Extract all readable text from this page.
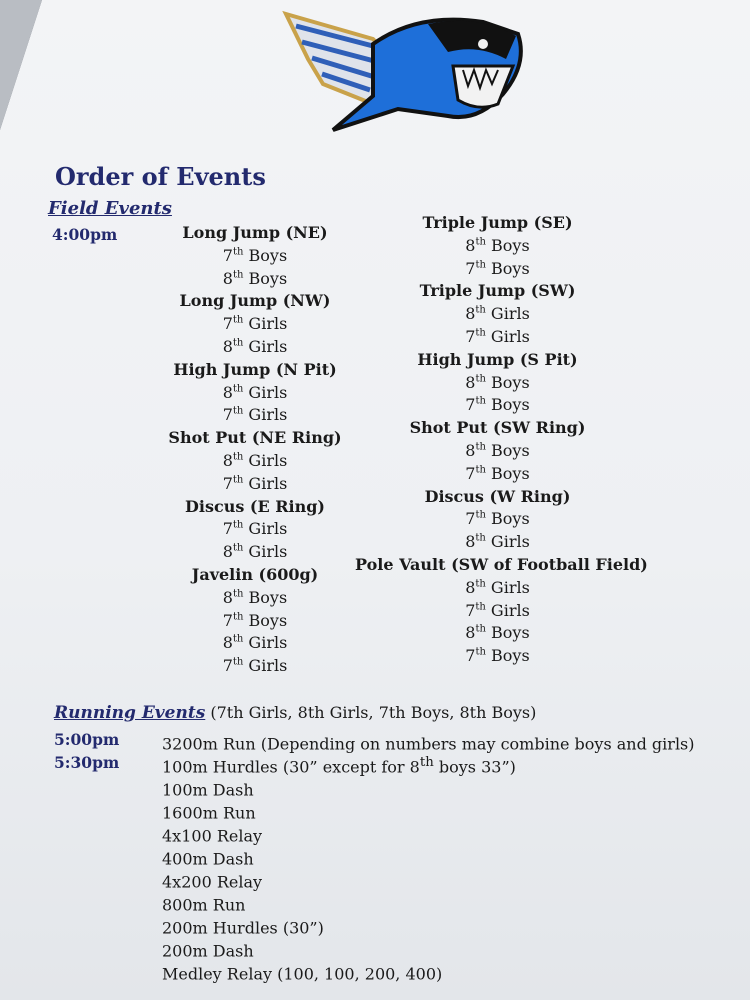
Order of Events
Field Events
4:00pm	Long Jump (NE)
7th Boys
8th Boys
Long Jump (NW)
7th Girls
8th Girls
High Jump (N Pit)
8th Girls
7th Girls
Shot Put (NE Ring)
8th Girls
7th Girls
Discus (E Ring)
7th Girls
8th Girls
Javelin (600g)
8th Boys
7th Boys
8th Girls
7th Girls
Triple Jump (SE)
8th Boys
7th Boys
Triple Jump (SW)
8th Girls
7th Girls
High Jump (S Pit)
8th Boys
7th Boys
Shot Put (SW Ring)
8th Boys
7th Boys
Discus (W Ring)
7th Boys
8th Girls
Pole Vault (SW of Football Field)
8th Girls
7th Girls
8th Boys
7th Boys
Running Events (7th Girls, 8th Girls, 7th Boys, 8th Boys)
5:00pm	3200m Run (Depending on numbers may combine boys and girls)
5:30pm	100m Hurdles (30” except for 8th boys 33”)
100m Dash
1600m Run
4x100 Relay
400m Dash
4x200 Relay
800m Run
200m Hurdles (30”)
200m Dash
Medley Relay (100, 100, 200, 400)
